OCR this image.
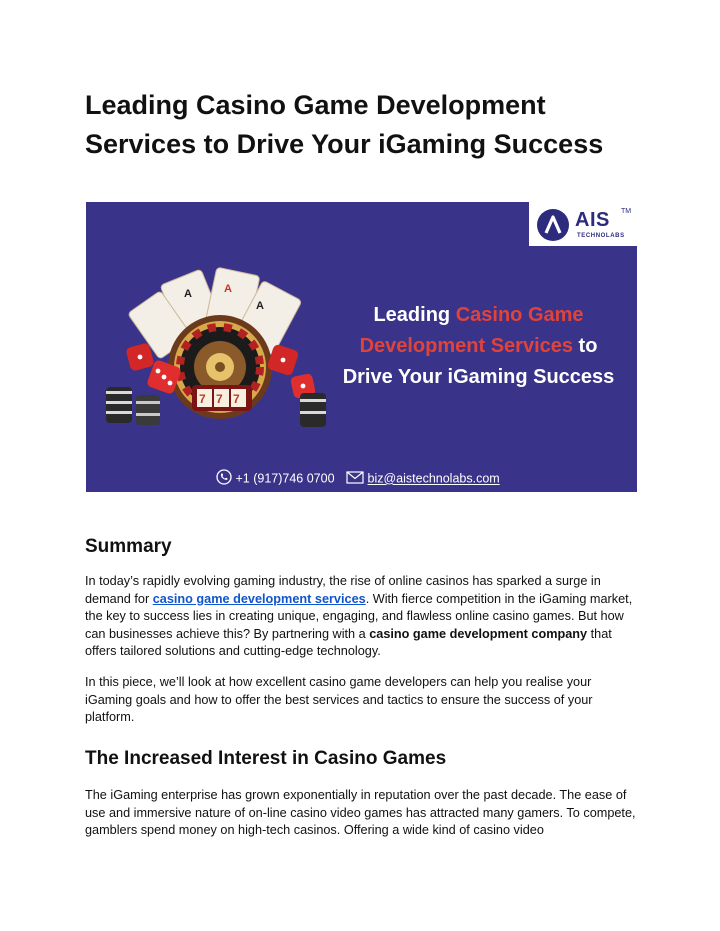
Leading Casino Game Development Services to Drive Your iGaming Success
A	A
A
7 7 7
AIS TM
TECHNOLABS
Leading Casino Game
Development Services to Drive Your iGaming Success
+1 (917)746 0700	biz@aistechnolabs.com
Summary

In today’s rapidly evolving gaming industry, the rise of online casinos has sparked a surge in demand for casino game development services. With fierce competition in the iGaming market, the key to success lies in creating unique, engaging, and flawless online casino games. But how can businesses achieve this? By partnering with a casino game development company that offers tailored solutions and cutting-edge technology.

In this piece, we’ll look at how excellent casino game developers can help you realise your iGaming goals and how to offer the best services and tactics to ensure the success of your platform.

The Increased Interest in Casino Games

The iGaming enterprise has grown exponentially in reputation over the past decade. The ease of use and immersive nature of on-line casino video games has attracted many gamers. To compete, gamblers spend money on high-tech casinos. Offering a wide kind of casino video
